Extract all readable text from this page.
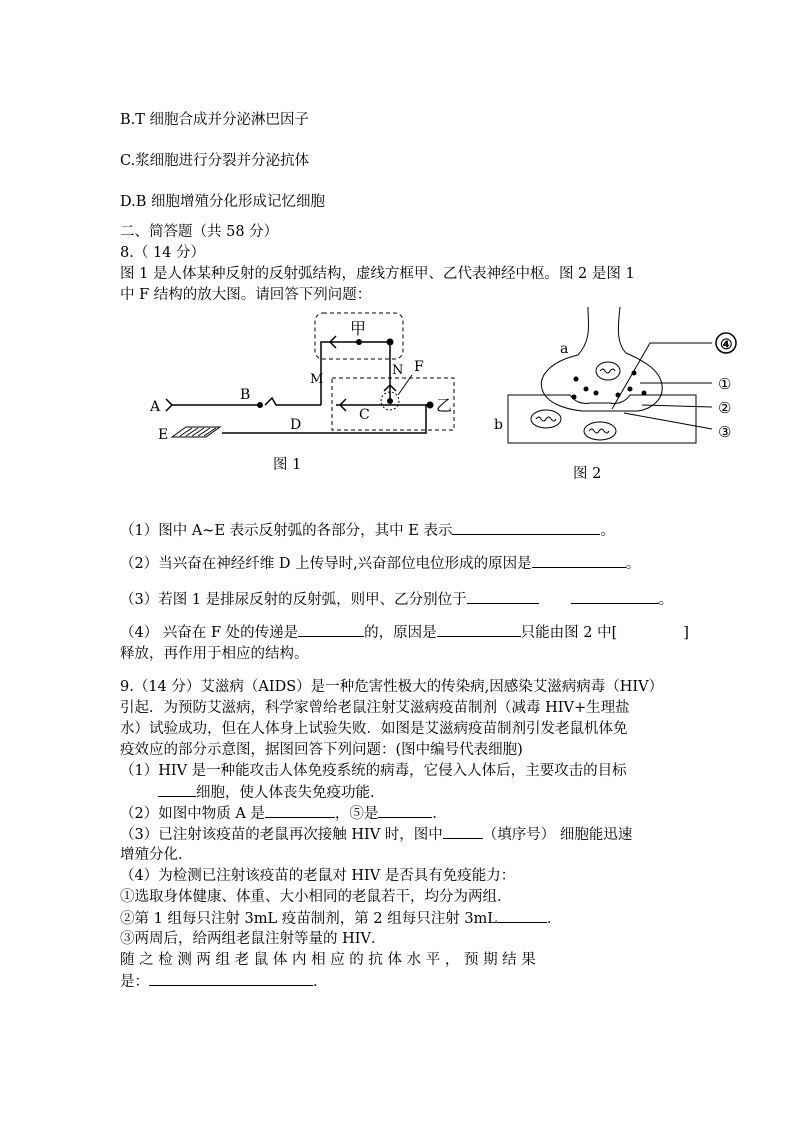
B.T 细胞合成并分泌淋巴因子
C.浆细胞进行分裂并分泌抗体
D.B 细胞增殖分化形成记忆细胞
二、简答题（共 58 分）
8.（ 14 分）
图 1 是人体某种反射的反射弧结构，虚线方框甲、乙代表神经中枢。图 2 是图 1
中 F 结构的放大图。请回答下列问题：
甲
乙
A
B
C
D
E
F
M
N
图 1
④
a
b
①
②
③
图 2
（1）图中 A~E 表示反射弧的各部分，其中 E 表示	。
（2）当兴奋在神经纤维 D 上传导时,兴奋部位电位形成的原因是	。
（3）若图 1 是排尿反射的反射弧，则甲、乙分别位于	。
（4） 兴奋在 F 处的传递是	的，原因是	只能由图 2 中[	]
释放，再作用于相应的结构。
9.（14 分）艾滋病（AIDS）是一种危害性极大的传染病,因感染艾滋病病毒（HIV）
引起．为预防艾滋病，科学家曾给老鼠注射艾滋病疫苗制剂（减毒 HIV+生理盐
水）试验成功，但在人体身上试验失败．如图是艾滋病疫苗制剂引发老鼠机体免
疫效应的部分示意图，据图回答下列问题：(图中编号代表细胞)
（1）HIV 是一种能攻击人体免疫系统的病毒，它侵入人体后，主要攻击的目标
细胞，使人体丧失免疫功能．
（2）如图中物质 A 是	，⑤是	．
（3）已注射该疫苗的老鼠再次接触 HIV 时，图中	（填序号） 细胞能迅速
增殖分化．
（4）为检测已注射该疫苗的老鼠对 HIV 是否具有免疫能力：
①选取身体健康、体重、大小相同的老鼠若干，均分为两组．
②第 1 组每只注射 3mL 疫苗制剂，第 2 组每只注射 3mL	．
③两周后，给两组老鼠注射等量的 HIV．
随 之 检 测 两 组 老 鼠 体 内 相 应 的 抗 体 水 平 ， 预 期 结 果
是：	．
